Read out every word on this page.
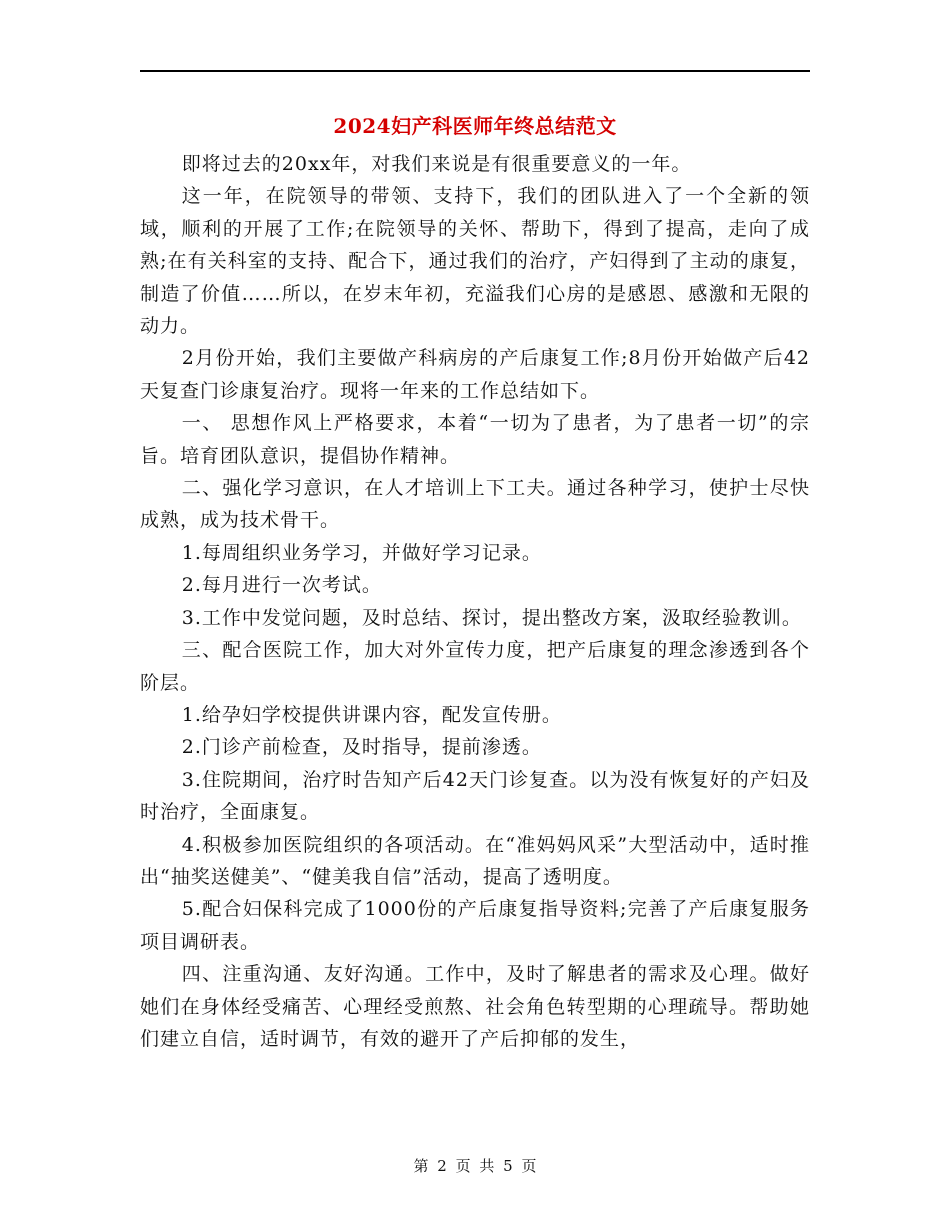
2024妇产科医师年终总结范文

即将过去的20xx年，对我们来说是有很重要意义的一年。

这一年，在院领导的带领、支持下，我们的团队进入了一个全新的领域，顺利的开展了工作;在院领导的关怀、帮助下，得到了提高，走向了成熟;在有关科室的支持、配合下，通过我们的治疗，产妇得到了主动的康复，制造了价值……所以，在岁末年初，充溢我们心房的是感恩、感激和无限的动力。

2月份开始，我们主要做产科病房的产后康复工作;8月份开始做产后42天复查门诊康复治疗。现将一年来的工作总结如下。

一、 思想作风上严格要求，本着“一切为了患者，为了患者一切”的宗旨。培育团队意识，提倡协作精神。

二、强化学习意识，在人才培训上下工夫。通过各种学习，使护士尽快成熟，成为技术骨干。

1.每周组织业务学习，并做好学习记录。

2.每月进行一次考试。

3.工作中发觉问题，及时总结、探讨，提出整改方案，汲取经验教训。

三、配合医院工作，加大对外宣传力度，把产后康复的理念渗透到各个阶层。

1.给孕妇学校提供讲课内容，配发宣传册。

2.门诊产前检查，及时指导，提前渗透。

3.住院期间，治疗时告知产后42天门诊复查。以为没有恢复好的产妇及时治疗，全面康复。

4.积极参加医院组织的各项活动。在“准妈妈风采”大型活动中，适时推出“抽奖送健美”、“健美我自信”活动，提高了透明度。

5.配合妇保科完成了1000份的产后康复指导资料;完善了产后康复服务项目调研表。

四、注重沟通、友好沟通。工作中，及时了解患者的需求及心理。做好她们在身体经受痛苦、心理经受煎熬、社会角色转型期的心理疏导。帮助她们建立自信，适时调节，有效的避开了产后抑郁的发生，

第 2 页 共 5 页
